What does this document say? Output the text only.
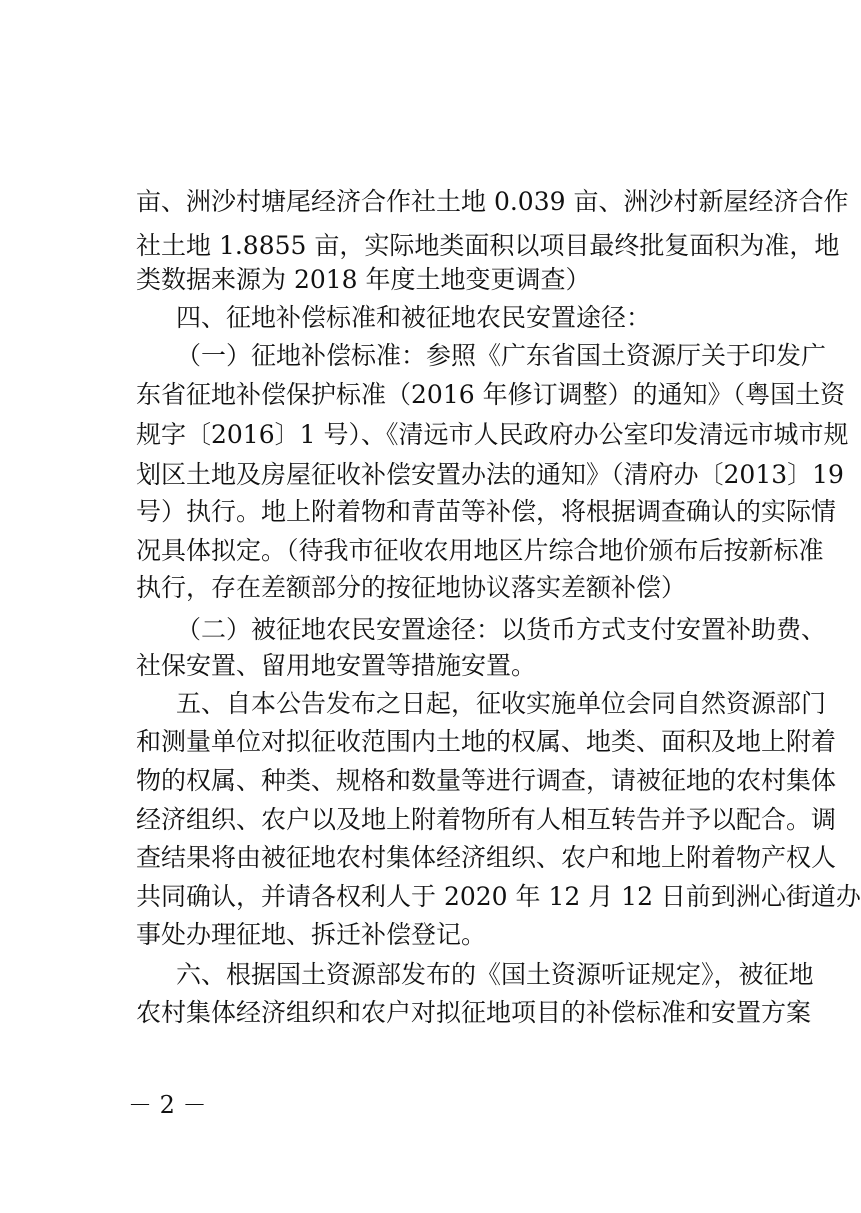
亩、洲沙村塘尾经济合作社土地 0.039 亩、洲沙村新屋经济合作
社土地 1.8855 亩，实际地类面积以项目最终批复面积为准，地
类数据来源为 2018 年度土地变更调查）
四、征地补偿标准和被征地农民安置途径：
（一）征地补偿标准：参照《广东省国土资源厅关于印发广
东省征地补偿保护标准（2016 年修订调整）的通知》（粤国土资
规字〔2016〕1 号）、《清远市人民政府办公室印发清远市城市规
划区土地及房屋征收补偿安置办法的通知》（清府办〔2013〕19
号）执行。地上附着物和青苗等补偿，将根据调查确认的实际情
况具体拟定。（待我市征收农用地区片综合地价颁布后按新标准
执行，存在差额部分的按征地协议落实差额补偿）
（二）被征地农民安置途径：以货币方式支付安置补助费、
社保安置、留用地安置等措施安置。
五、自本公告发布之日起，征收实施单位会同自然资源部门
和测量单位对拟征收范围内土地的权属、地类、面积及地上附着
物的权属、种类、规格和数量等进行调查，请被征地的农村集体
经济组织、农户以及地上附着物所有人相互转告并予以配合。调
查结果将由被征地农村集体经济组织、农户和地上附着物产权人
共同确认，并请各权利人于 2020 年 12 月 12 日前到洲心街道办
事处办理征地、拆迁补偿登记。
六、根据国土资源部发布的《国土资源听证规定》，被征地
农村集体经济组织和农户对拟征地项目的补偿标准和安置方案
－ 2 －
